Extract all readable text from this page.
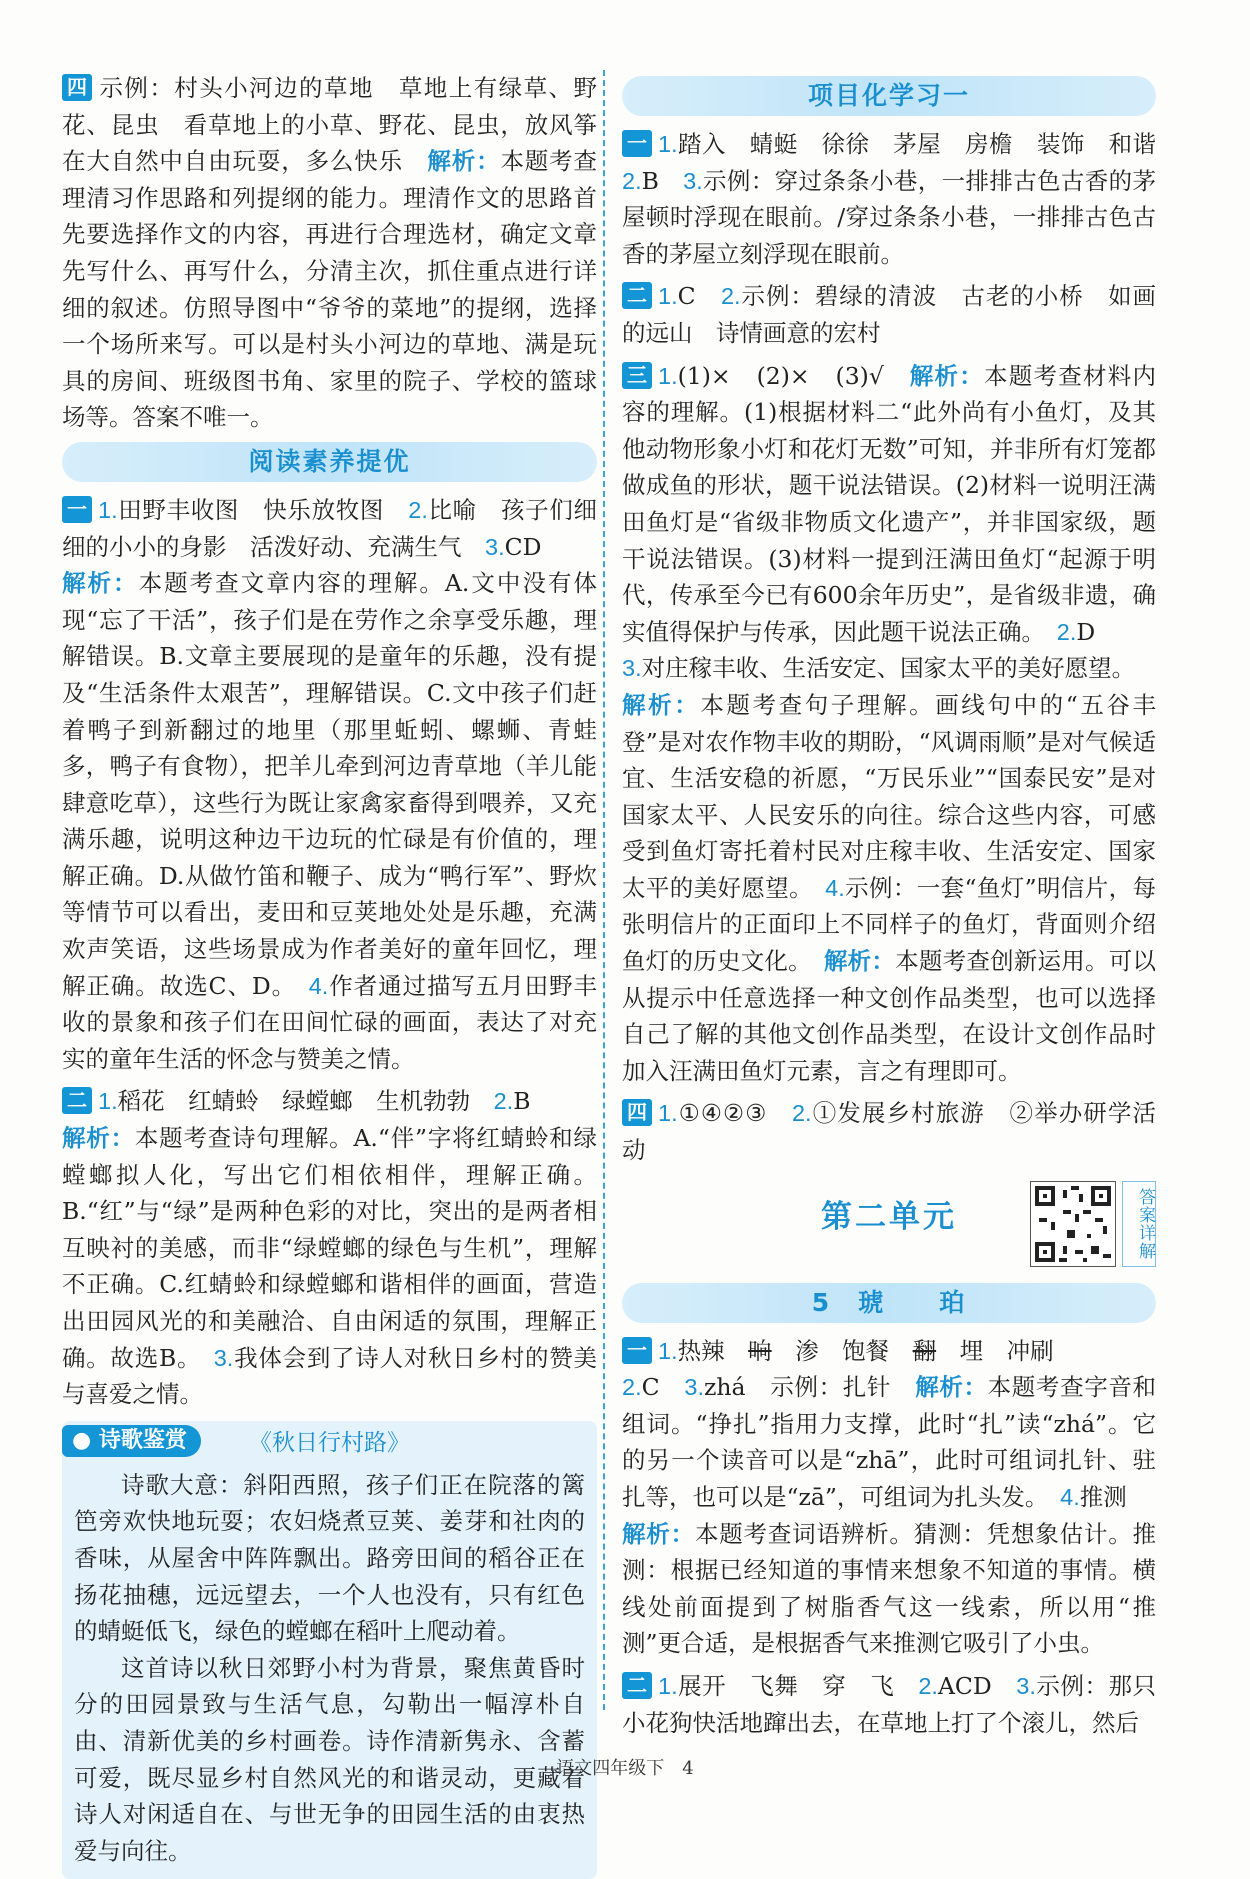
四 示例：村头小河边的草地　草地上有绿草、野花、昆虫　看草地上的小草、野花、昆虫，放风筝　在大自然中自由玩耍，多么快乐　解析：本题考查理清习作思路和列提纲的能力。理清作文的思路首先要选择作文的内容，再进行合理选材，确定文章先写什么、再写什么，分清主次，抓住重点进行详细的叙述。仿照导图中“爷爷的菜地”的提纲，选择一个场所来写。可以是村头小河边的草地、满是玩具的房间、班级图书角、家里的院子、学校的篮球场等。答案不唯一。

阅读素养提优

一 1.田野丰收图　快乐放牧图　2.比喻　孩子们细细的小小的身影　活泼好动、充满生气　3.CD
解析：本题考查文章内容的理解。A.文中没有体现“忘了干活”，孩子们是在劳作之余享受乐趣，理解错误。B.文章主要展现的是童年的乐趣，没有提及“生活条件太艰苦”，理解错误。C.文中孩子们赶着鸭子到新翻过的地里（那里蚯蚓、螺蛳、青蛙多，鸭子有食物），把羊儿牵到河边青草地（羊儿能肆意吃草），这些行为既让家禽家畜得到喂养，又充满乐趣，说明这种边干边玩的忙碌是有价值的，理解正确。D.从做竹笛和鞭子、成为“鸭行军”、野炊等情节可以看出，麦田和豆荚地处处是乐趣，充满欢声笑语，这些场景成为作者美好的童年回忆，理解正确。故选C、D。　4.作者通过描写五月田野丰收的景象和孩子们在田间忙碌的画面，表达了对充实的童年生活的怀念与赞美之情。

二 1.稻花　红蜻蛉　绿螳螂　生机勃勃　2.B
解析：本题考查诗句理解。A.“伴”字将红蜻蛉和绿螳螂拟人化，写出它们相依相伴，理解正确。B.“红”与“绿”是两种色彩的对比，突出的是两者相互映衬的美感，而非“绿螳螂的绿色与生机”，理解不正确。C.红蜻蛉和绿螳螂和谐相伴的画面，营造出田园风光的和美融洽、自由闲适的氛围，理解正确。故选B。　3.我体会到了诗人对秋日乡村的赞美与喜爱之情。

● 诗歌鉴赏	《秋日行村路》

诗歌大意：斜阳西照，孩子们正在院落的篱笆旁欢快地玩耍；农妇烧煮豆荚、姜芽和社肉的香味，从屋舍中阵阵飘出。路旁田间的稻谷正在扬花抽穗，远远望去，一个人也没有，只有红色的蜻蜓低飞，绿色的螳螂在稻叶上爬动着。

这首诗以秋日郊野小村为背景，聚焦黄昏时分的田园景致与生活气息，勾勒出一幅淳朴自由、清新优美的乡村画卷。诗作清新隽永、含蓄可爱，既尽显乡村自然风光的和谐灵动，更藏着诗人对闲适自在、与世无争的田园生活的由衷热爱与向往。

项目化学习一

一 1.踏入　蜻蜓　徐徐　茅屋　房檐　装饰　和谐　2.B　3.示例：穿过条条小巷，一排排古色古香的茅屋顿时浮现在眼前。/穿过条条小巷，一排排古色古香的茅屋立刻浮现在眼前。

二 1.C　2.示例：碧绿的清波　古老的小桥　如画的远山　诗情画意的宏村

三 1.(1)×　(2)×　(3)√　解析：本题考查材料内容的理解。(1)根据材料二“此外尚有小鱼灯，及其他动物形象小灯和花灯无数”可知，并非所有灯笼都做成鱼的形状，题干说法错误。(2)材料一说明汪满田鱼灯是“省级非物质文化遗产”，并非国家级，题干说法错误。(3)材料一提到汪满田鱼灯“起源于明代，传承至今已有600余年历史”，是省级非遗，确实值得保护与传承，因此题干说法正确。　2.D
3.对庄稼丰收、生活安定、国家太平的美好愿望。
解析：本题考查句子理解。画线句中的“五谷丰登”是对农作物丰收的期盼，“风调雨顺”是对气候适宜、生活安稳的祈愿，“万民乐业”“国泰民安”是对国家太平、人民安乐的向往。综合这些内容，可感受到鱼灯寄托着村民对庄稼丰收、生活安定、国家太平的美好愿望。　4.示例：一套“鱼灯”明信片，每张明信片的正面印上不同样子的鱼灯，背面则介绍鱼灯的历史文化。　解析：本题考查创新运用。可以从提示中任意选择一种文创作品类型，也可以选择自己了解的其他文创作品类型，在设计文创作品时加入汪满田鱼灯元素，言之有理即可。

四 1.①④②③　2.①发展乡村旅游　②举办研学活动

第二单元	答案详解
5　琥　　珀

一 1.热辣　晌　渗　饱餐　翻　埋　冲刷
2.C　3.zhá　示例：扎针　解析：本题考查字音和组词。“挣扎”指用力支撑，此时“扎”读“zhá”。它的另一个读音可以是“zhā”，此时可组词扎针、驻扎等，也可以是“zā”，可组词为扎头发。　4.推测
解析：本题考查词语辨析。猜测：凭想象估计。推测：根据已经知道的事情来想象不知道的事情。横线处前面提到了树脂香气这一线索，所以用“推测”更合适，是根据香气来推测它吸引了小虫。

二 1.展开　飞舞　穿　飞　2.ACD　3.示例：那只小花狗快活地蹿出去，在草地上打了个滚儿，然后

语文四年级下　4
